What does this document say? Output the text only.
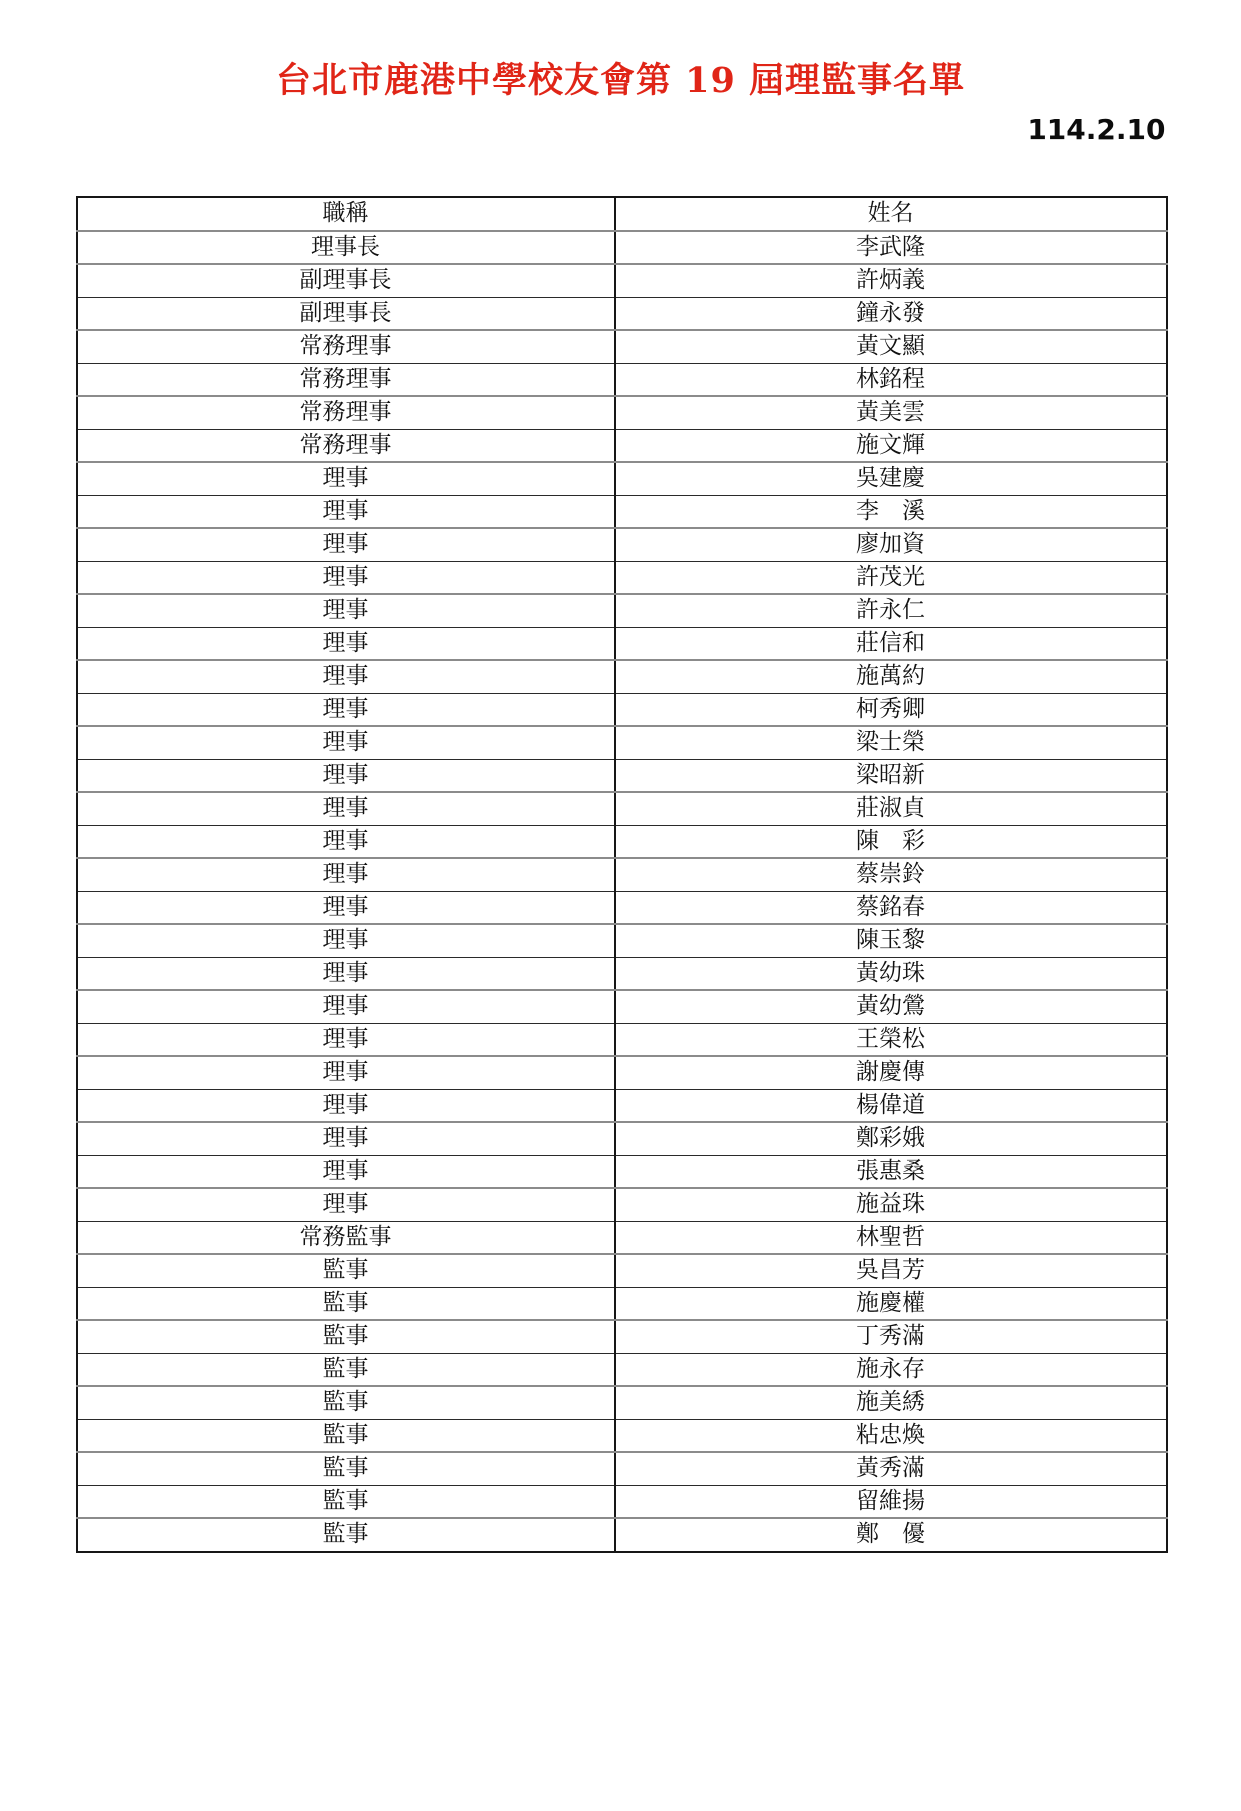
台北市鹿港中學校友會第 19 屆理監事名單
114.2.10
職稱	姓名
理事長	李武隆
副理事長	許炳義
副理事長	鐘永發
常務理事	黃文顯
常務理事	林銘程
常務理事	黃美雲
常務理事	施文輝
理事	吳建慶
理事	李　溪
理事	廖加資
理事	許茂光
理事	許永仁
理事	莊信和
理事	施萬約
理事	柯秀卿
理事	梁士榮
理事	梁昭新
理事	莊淑貞
理事	陳　彩
理事	蔡崇鈴
理事	蔡銘春
理事	陳玉黎
理事	黃幼珠
理事	黃幼鶯
理事	王榮松
理事	謝慶傳
理事	楊偉道
理事	鄭彩娥
理事	張惠桑
理事	施益珠
常務監事	林聖哲
監事	吳昌芳
監事	施慶權
監事	丁秀滿
監事	施永存
監事	施美綉
監事	粘忠煥
監事	黃秀滿
監事	留維揚
監事	鄭　優
